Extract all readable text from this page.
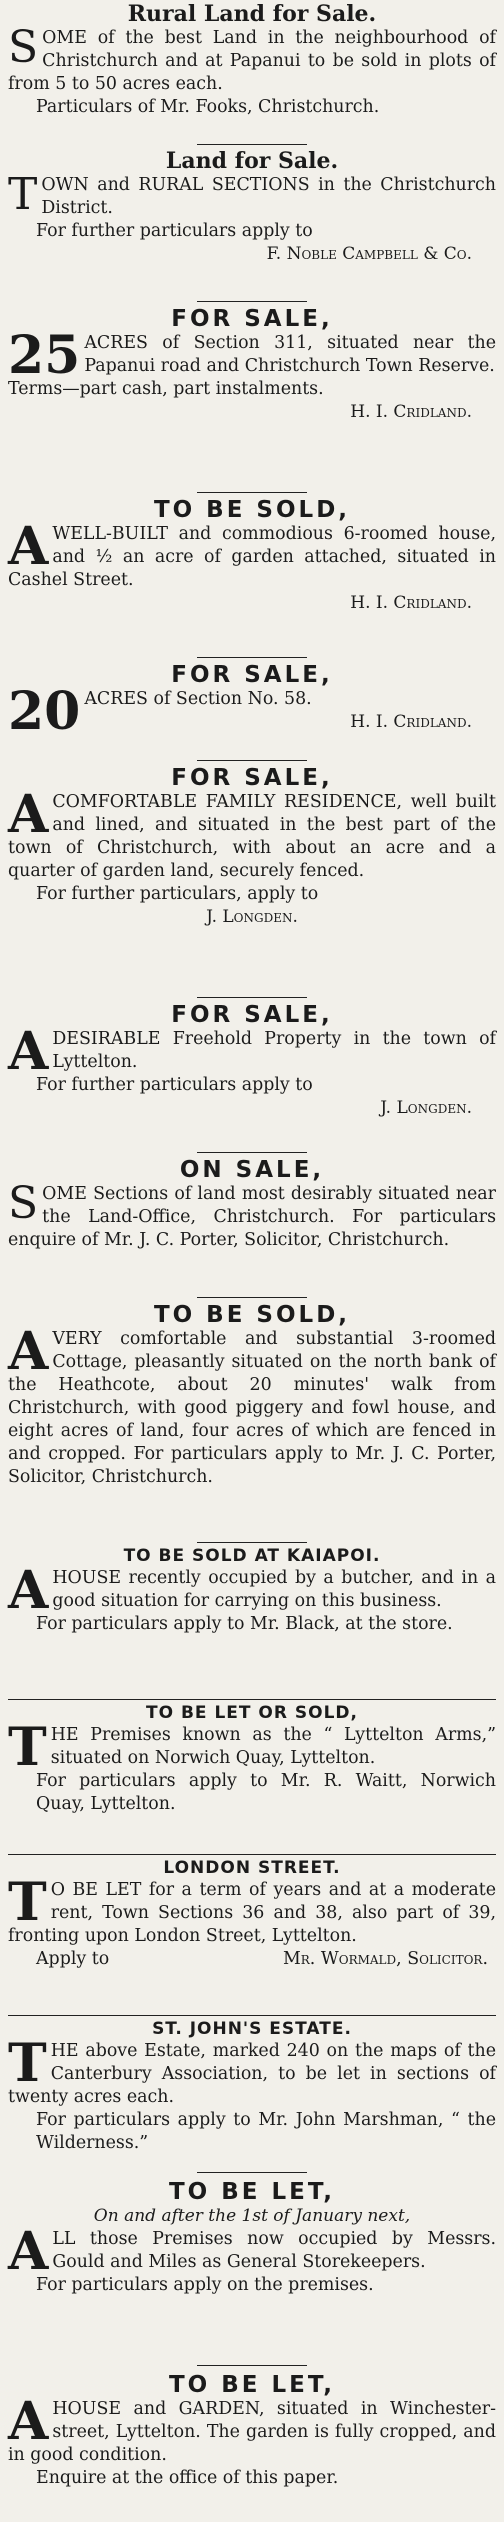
Rural Land for Sale.

SOME of the best Land in the neighbourhood of Christchurch and at Papanui to be sold in plots of from 5 to 50 acres each.

Particulars of Mr. Fooks, Christchurch.

Land for Sale.

TOWN and RURAL SECTIONS in the Christchurch District.

For further particulars apply to

F. Noble Campbell & Co.

FOR SALE,

25 ACRES of Section 311, situated near the Papanui road and Christchurch Town Reserve.

Terms—part cash, part instalments.

H. I. Cridland.

TO BE SOLD,

AWELL-BUILT and commodious 6-roomed house, and ½ an acre of garden attached, situated in Cashel Street.

H. I. Cridland.

FOR SALE,

20 ACRES of Section No. 58.

H. I. Cridland.

FOR SALE,

ACOMFORTABLE FAMILY RESIDENCE, well built and lined, and situated in the best part of the town of Christchurch, with about an acre and a quarter of garden land, securely fenced.

For further particulars, apply to

J. Longden.

FOR SALE,

ADESIRABLE Freehold Property in the town of Lyttelton.

For further particulars apply to

J. Longden.

ON SALE,

SOME Sections of land most desirably situated near the Land-Office, Christchurch. For particulars enquire of Mr. J. C. Porter, Solicitor, Christchurch.

TO BE SOLD,

AVERY comfortable and substantial 3-roomed Cottage, pleasantly situated on the north bank of the Heathcote, about 20 minutes' walk from Christchurch, with good piggery and fowl house, and eight acres of land, four acres of which are fenced in and cropped. For particulars apply to Mr. J. C. Porter, Solicitor, Christchurch.

TO BE SOLD AT KAIAPOI.

AHOUSE recently occupied by a butcher, and in a good situation for carrying on this business.

For particulars apply to Mr. Black, at the store.

TO BE LET OR SOLD,

THE Premises known as the “ Lyttelton Arms,” situated on Norwich Quay, Lyttelton.

For particulars apply to Mr. R. Waitt, Norwich Quay, Lyttelton.

LONDON STREET.

T O BE LET for a term of years and at a moderate rent, Town Sections 36 and 38, also part of 39, fronting upon London Street, Lyttelton.

Apply to	Mr. Wormald, Solicitor.

ST. JOHN'S ESTATE.

THE above Estate, marked 240 on the maps of the Canterbury Association, to be let in sections of twenty acres each.

For particulars apply to Mr. John Marshman, “ the Wilderness.”

TO BE LET,

On and after the 1st of January next,

ALL those Premises now occupied by Messrs. Gould and Miles as General Storekeepers.

For particulars apply on the premises.

TO BE LET,

AHOUSE and GARDEN, situated in Winchester-street, Lyttelton. The garden is fully cropped, and in good condition.

Enquire at the office of this paper.
